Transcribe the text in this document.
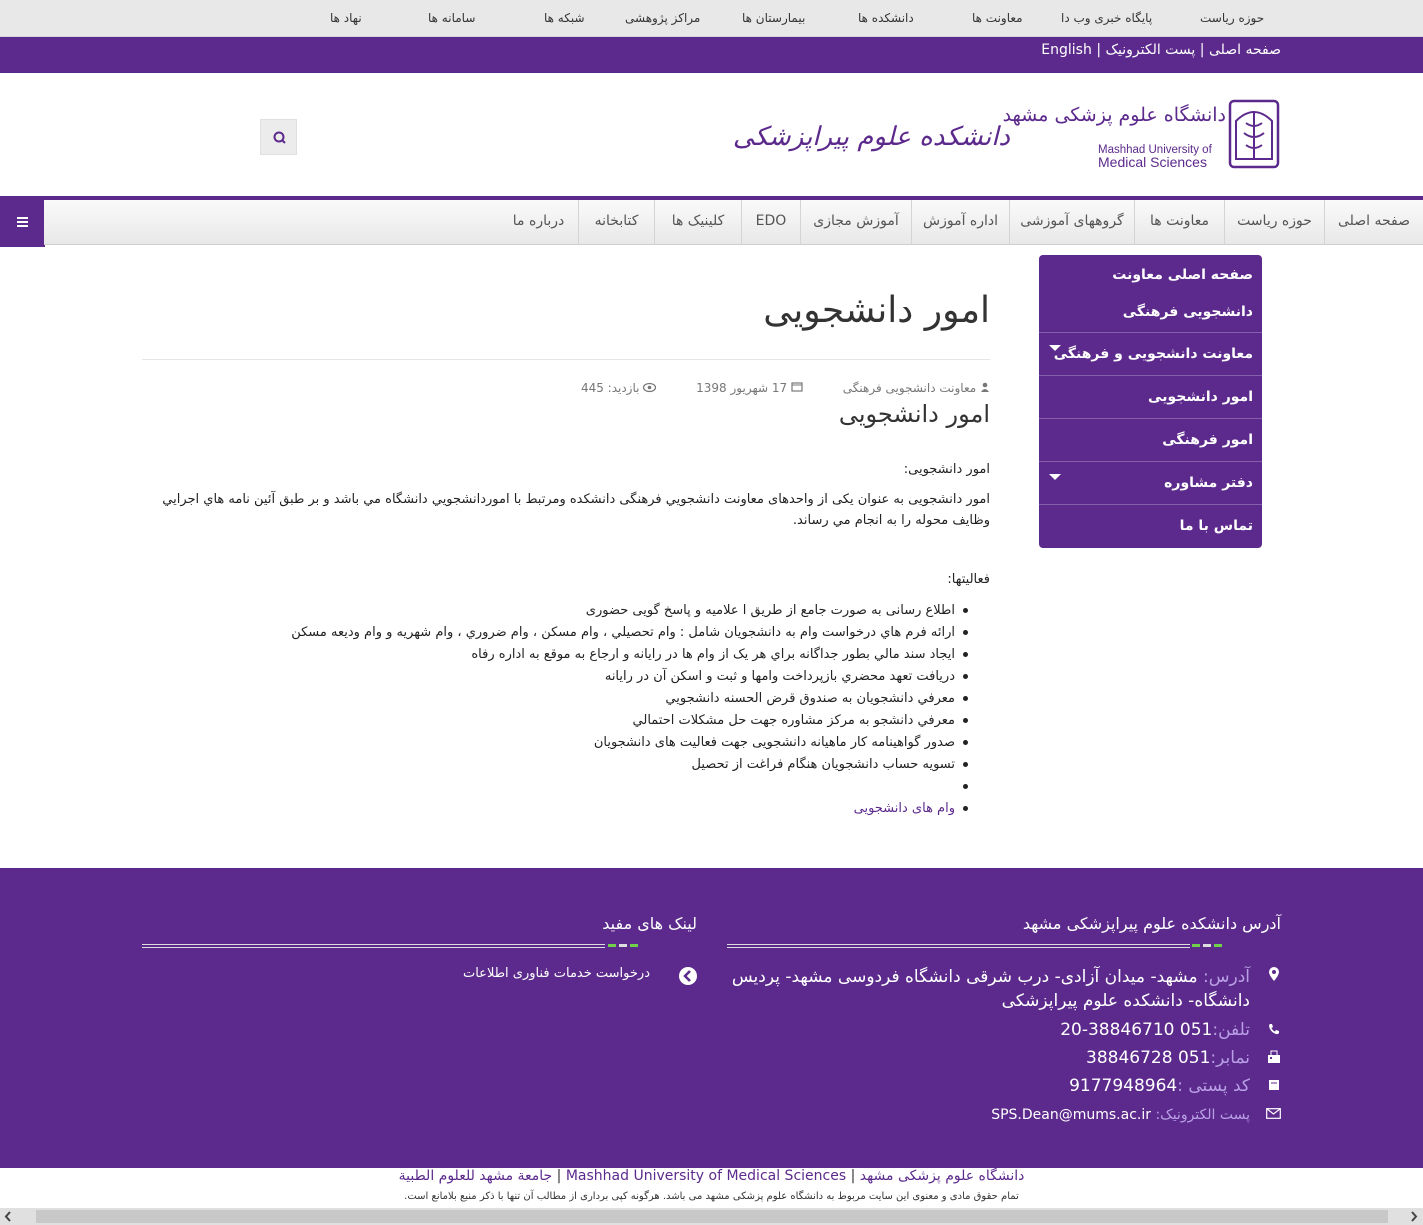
حوزه ریاست
پایگاه خبری وب دا
معاونت ها
دانشکده ها
بیمارستان ها
مراکز پژوهشی
شبکه ها
سامانه ها
نهاد ها
صفحه اصلی | پست الکترونیک | English
دانشگاه علوم پزشکی مشهد
Mashhad University of
Medical Sciences
دانشکده علوم پیراپزشکی
صفحه اصلی
حوزه ریاست
معاونت ها
گروههای آموزشی
اداره آموزش
آموزش مجازی
EDO
کلینیک ها
کتابخانه
درباره ما
امور دانشجویی
معاونت دانشجویی فرهنگی  17 شهریور 1398  بازدید: 445
امور دانشجویی
امور دانشجویی:
امور دانشجویی به عنوان یکی از واحدهای معاونت دانشجويي فرهنگی دانشکده ومرتبط با اموردانشجويي دانشگاه مي باشد و بر طبق آئين نامه هاي اجرايي وظايف محوله را به انجام مي رساند.
فعالیتها:
اطلاع رسانی به صورت جامع از طریق ا علامیه و پاسخ گویی حضوری
ارائه فرم هاي درخواست وام به دانشجويان شامل : وام تحصيلي ، وام مسكن ، وام ضروري ، وام شهريه و وام وديعه مسكن
ايجاد سند مالي بطور جداگانه براي هر يک از وام ها در رايانه و ارجاع به موقع به اداره رفاه
دريافت تعهد محضري بازپرداخت وامها و ثبت و اسكن آن در رايانه
معرفي دانشجويان به صندوق قرض الحسنه دانشجويي
معرفي دانشجو به مركز مشاوره جهت حل مشكلات احتمالي
صدور گواهینامه کار ماهیانه دانشجویی جهت فعالیت های دانشجویان
تسويه حساب دانشجويان هنگام فراغت از تحصيل
وام های دانشجویی
صفحه اصلی معاونت دانشجویی فرهنگی
معاونت دانشجویی و فرهنگی
امور دانشجویی
امور فرهنگی
دفتر مشاوره
تماس با ما
آدرس دانشکده علوم پیراپزشکی مشهد
لینک های مفید
آدرس: مشهد- میدان آزادی- درب شرقی دانشگاه فردوسی مشهد- پردیس دانشگاه- دانشکده علوم پیراپزشکی
تلفن:051 38846710-20
نمابر:051 38846728
کد پستی :9177948964
پست الکترونیک: SPS.Dean@mums.ac.ir
درخواست خدمات فناوری اطلاعات
دانشگاه علوم پزشکی مشهد | Mashhad University of Medical Sciences | جامعة مشهد للعلوم الطبیة
تمام حقوق مادی و معنوی این سایت مربوط به دانشگاه علوم پزشکی مشهد می باشد. هرگونه کپی برداری از مطالب آن تنها با ذکر منبع بلامانع است.
